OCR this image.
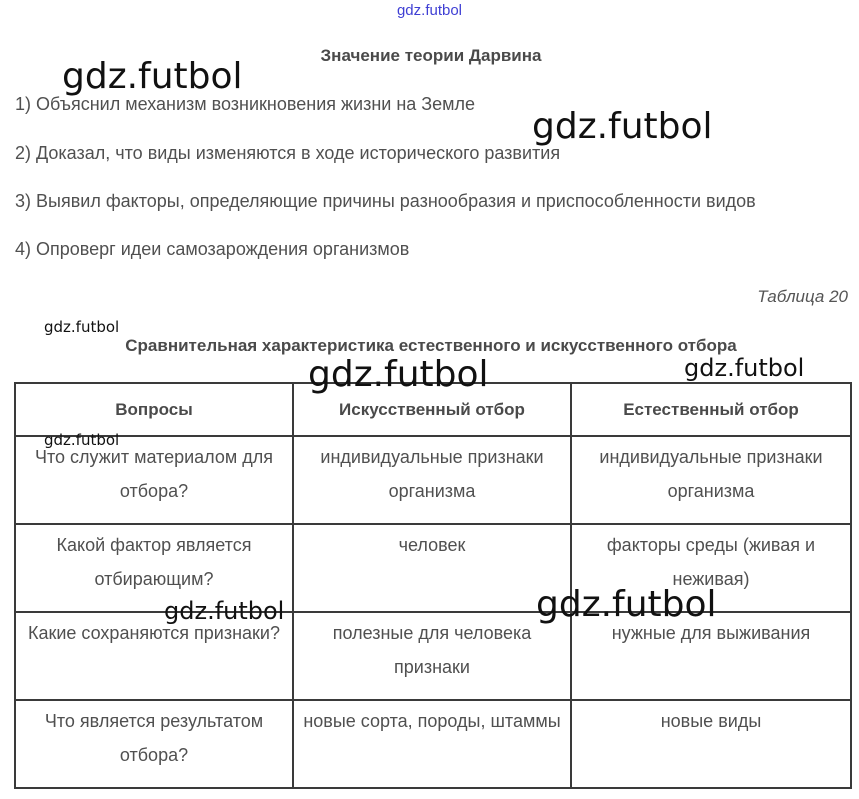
gdz.futbol
Значение теории Дарвина
1) Объяснил механизм возникновения жизни на Земле
2) Доказал, что виды изменяются в ходе исторического развития
3) Выявил факторы, определяющие причины разнообразия и приспособленности видов
4) Опроверг идеи самозарождения организмов
Таблица 20
Сравнительная характеристика естественного и искусственного отбора
Вопросы	Искусственный отбор	Естественный отбор
Что служит материалом для отбора?	индивидуальные признаки организма	индивидуальные признаки организма
Какой фактор является отбирающим?	человек	факторы среды (живая и неживая)
Какие сохраняются признаки?	полезные для человека признаки	нужные для выживания
Что является результатом отбора?	новые сорта, породы, штаммы	новые виды
gdz.futbol
gdz.futbol
gdz.futbol
gdz.futbol	gdz.futbol
gdz.futbol
gdz.futbol	gdz.futbol
